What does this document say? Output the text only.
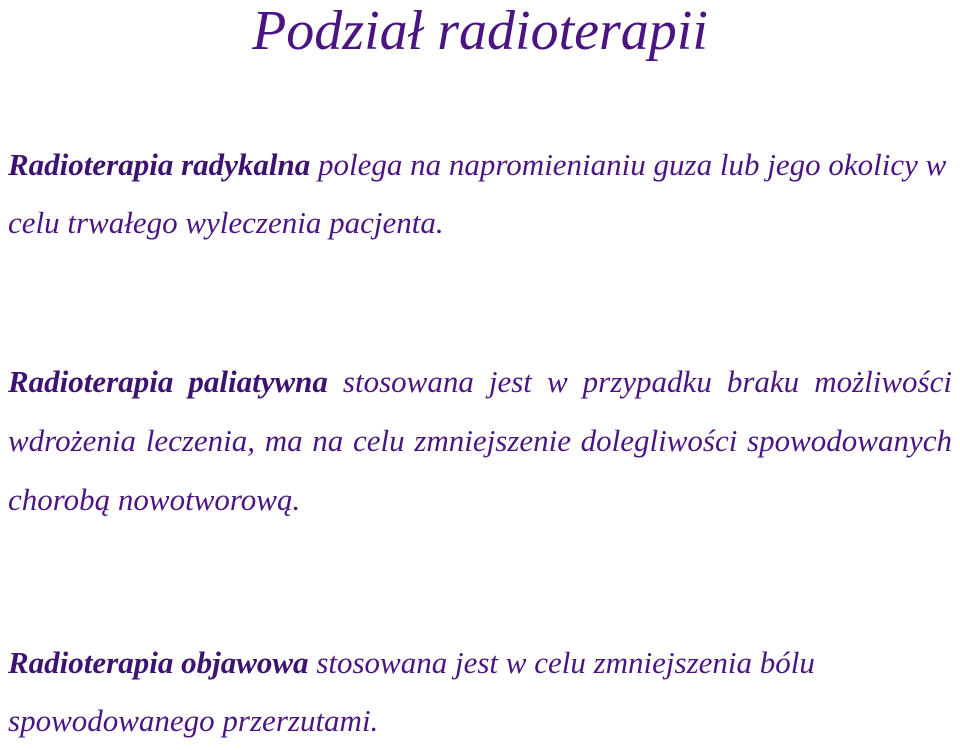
Podział radioterapii

Radioterapia radykalna polega na napromienianiu guza lub jego okolicy w celu trwałego wyleczenia pacjenta.

Radioterapia paliatywna stosowana jest w przypadku braku możliwości wdrożenia leczenia, ma na celu zmniejszenie dolegliwości spowodowanych chorobą nowotworową.

Radioterapia objawowa stosowana jest w celu zmniejszenia bólu spowodowanego przerzutami.
